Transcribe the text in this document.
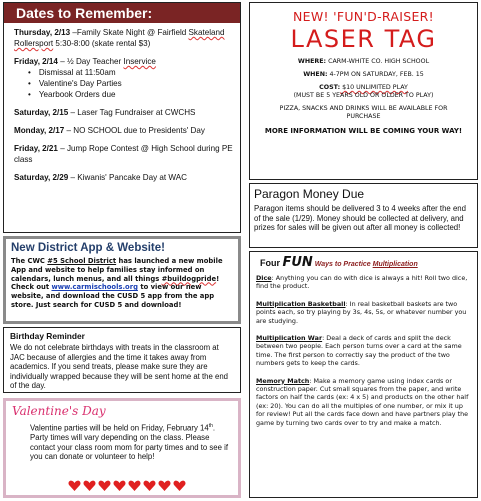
Dates to Remember:
Thursday, 2/13 –Family Skate Night @ Fairfield Skateland Rollersport 5:30-8:00 (skate rental $3)
Friday, 2/14 – ½ Day Teacher Inservice
• Dismissal at 11:50am
• Valentine's Day Parties
• Yearbook Orders due
Saturday, 2/15 – Laser Tag Fundraiser at CWCHS
Monday, 2/17 – NO SCHOOL due to Presidents' Day
Friday, 2/21 – Jump Rope Contest @ High School during PE class
Saturday, 2/29 – Kiwanis' Pancake Day at WAC
NEW! 'FUN'D-RAISER!
LASER TAG

WHERE: CARM-WHITE CO. HIGH SCHOOL

WHEN: 4-7PM ON SATURDAY, FEB. 15

COST: $10 UNLIMITED PLAY
(MUST BE 5 YEARS OLD OR OLDER TO PLAY)

PIZZA, SNACKS AND DRINKS WILL BE AVAILABLE FOR PURCHASE

MORE INFORMATION WILL BE COMING YOUR WAY!
Paragon Money Due
Paragon items should be delivered 3 to 4 weeks after the end of the sale (1/29). Money should be collected at delivery, and prizes for sales will be given out after all money is collected!
New District App & Website!
The CWC #5 School District has launched a new mobile App and website to help families stay informed on calendars, lunch menus, and all things #buildogpride! Check out www.carmischools.org to view our new website, and download the CUSD 5 app from the app store. Just search for CUSD 5 and download!
Birthday Reminder
We do not celebrate birthdays with treats in the classroom at JAC because of allergies and the time it takes away from academics. If you send treats, please make sure they are individually wrapped because they will be sent home at the end of the day.
Valentine's Day
Valentine parties will be held on Friday, February 14th. Party times will vary depending on the class. Please contact your class room mom for party times and to see if you can donate or volunteer to help!
Four FUN Ways to Practice Multiplication
Dice: Anything you can do with dice is always a hit! Roll two dice, find the product.
Multiplication Basketball: In real basketball baskets are two points each, so try playing by 3s, 4s, 5s, or whatever number you are studying.
Multiplication War: Deal a deck of cards and split the deck between two people. Each person turns over a card at the same time. The first person to correctly say the product of the two numbers gets to keep the cards.
Memory Match: Make a memory game using index cards or construction paper. Cut small squares from the paper, and write factors on half the cards (ex: 4 x 5) and products on the other half (ex: 20). You can do all the multiples of one number, or mix it up for review! Put all the cards face down and have partners play the game by turning two cards over to try and make a match.
